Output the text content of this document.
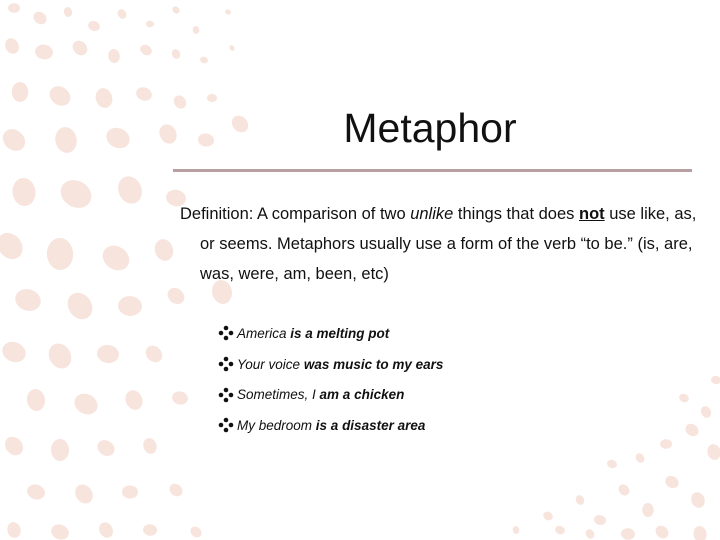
Metaphor
Definition: A comparison of two unlike things that does not use like, as, or seems. Metaphors usually use a form of the verb “to be.” (is, are, was, were, am, been, etc)
America
is a melting pot
Your voice
was music to my ears
Sometimes, I
am a chicken
My bedroom
is a disaster area
